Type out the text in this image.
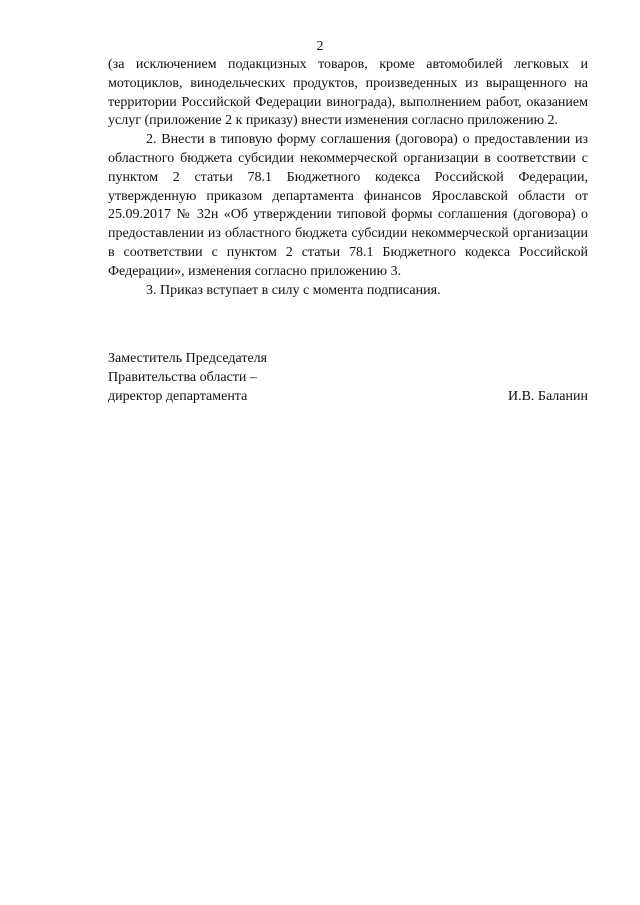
2

(за исключением подакцизных товаров, кроме автомобилей легковых и мотоциклов, винодельческих продуктов, произведенных из выращенного на территории Российской Федерации винограда), выполнением работ, оказанием услуг (приложение 2 к приказу) внести изменения согласно приложению 2.

2. Внести в типовую форму соглашения (договора) о предоставлении из областного бюджета субсидии некоммерческой организации в соответствии с пунктом 2 статьи 78.1 Бюджетного кодекса Российской Федерации, утвержденную приказом департамента финансов Ярославской области от 25.09.2017 № 32н «Об утверждении типовой формы соглашения (договора) о предоставлении из областного бюджета субсидии некоммерческой организации в соответствии с пунктом 2 статьи 78.1 Бюджетного кодекса Российской Федерации», изменения согласно приложению 3.

3. Приказ вступает в силу с момента подписания.

Заместитель Председателя
Правительства области –
директор департамента	И.В. Баланин
